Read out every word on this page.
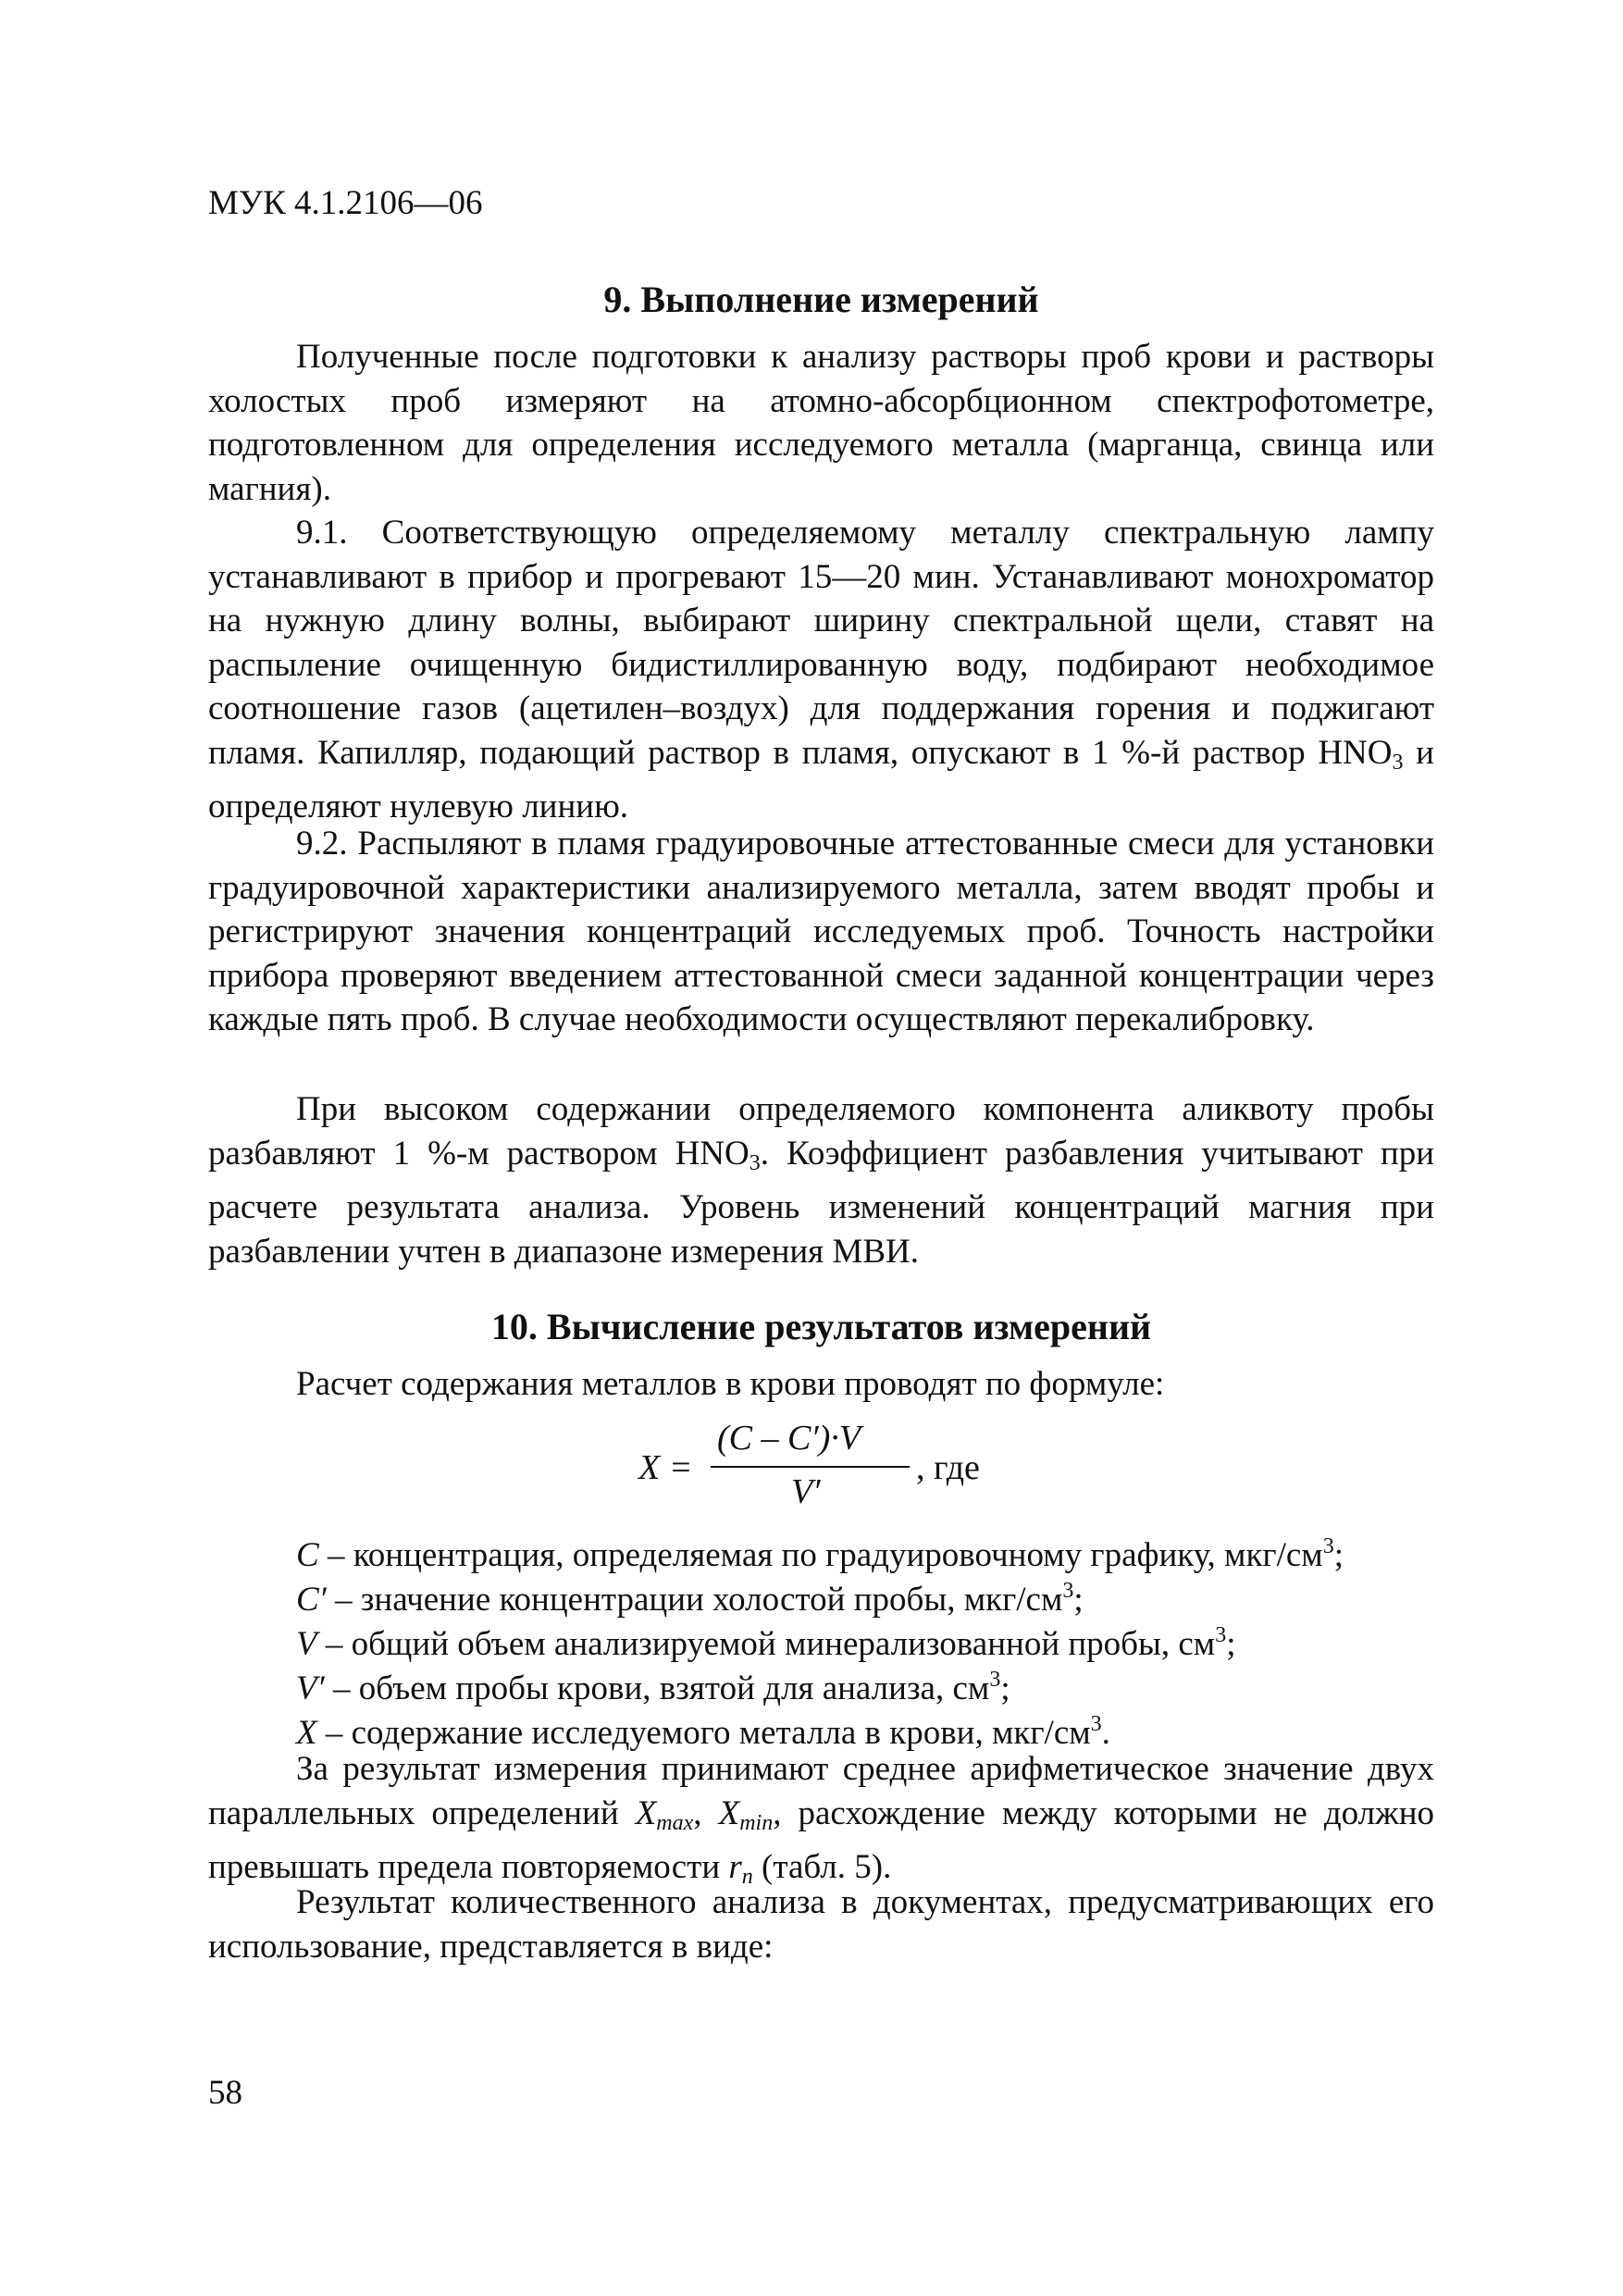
МУК 4.1.2106—06
9. Выполнение измерений

Полученные после подготовки к анализу растворы проб крови и растворы холостых проб измеряют на атомно-абсорбционном спектрофотометре, подготовленном для определения исследуемого металла (марганца, свинца или магния).

9.1. Соответствующую определяемому металлу спектральную лампу устанавливают в прибор и прогревают 15—20 мин. Устанавливают монохроматор на нужную длину волны, выбирают ширину спектральной щели, ставят на распыление очищенную бидистиллированную воду, подбирают необходимое соотношение газов (ацетилен–воздух) для поддержания горения и поджигают пламя. Капилляр, подающий раствор в пламя, опускают в 1 %-й раствор $HNO_3$ и определяют нулевую линию.

9.2. Распыляют в пламя градуировочные аттестованные смеси для установки градуировочной характеристики анализируемого металла, затем вводят пробы и регистрируют значения концентраций исследуемых проб. Точность настройки прибора проверяют введением аттестованной смеси заданной концентрации через каждые пять проб. В случае необходимости осуществляют перекалибровку.

При высоком содержании определяемого компонента аликвоту пробы разбавляют 1 %-м раствором $HNO_3$. Коэффициент разбавления учитывают при расчете результата анализа. Уровень изменений концентраций магния при разбавлении учтен в диапазоне измерения МВИ.

10. Вычисление результатов измерений

Расчет содержания металлов в крови проводят по формуле:

X =
(C – C′)·V
V′
, где

C – концентрация, определяемая по градуировочному графику, мкг/$см^3$;

C′ – значение концентрации холостой пробы, мкг/$см^3$;

V – общий объем анализируемой минерализованной пробы, $см^3$;

V′ – объем пробы крови, взятой для анализа, $см^3$;

X – содержание исследуемого металла в крови, мкг/$см^3$.

За результат измерения принимают среднее арифметическое значение двух параллельных определений $X_{max}$, $X_{min}$, расхождение между которыми не должно превышать предела повторяемости $r_n$ (табл. 5).

Результат количественного анализа в документах, предусматривающих его использование, представляется в виде:

58
